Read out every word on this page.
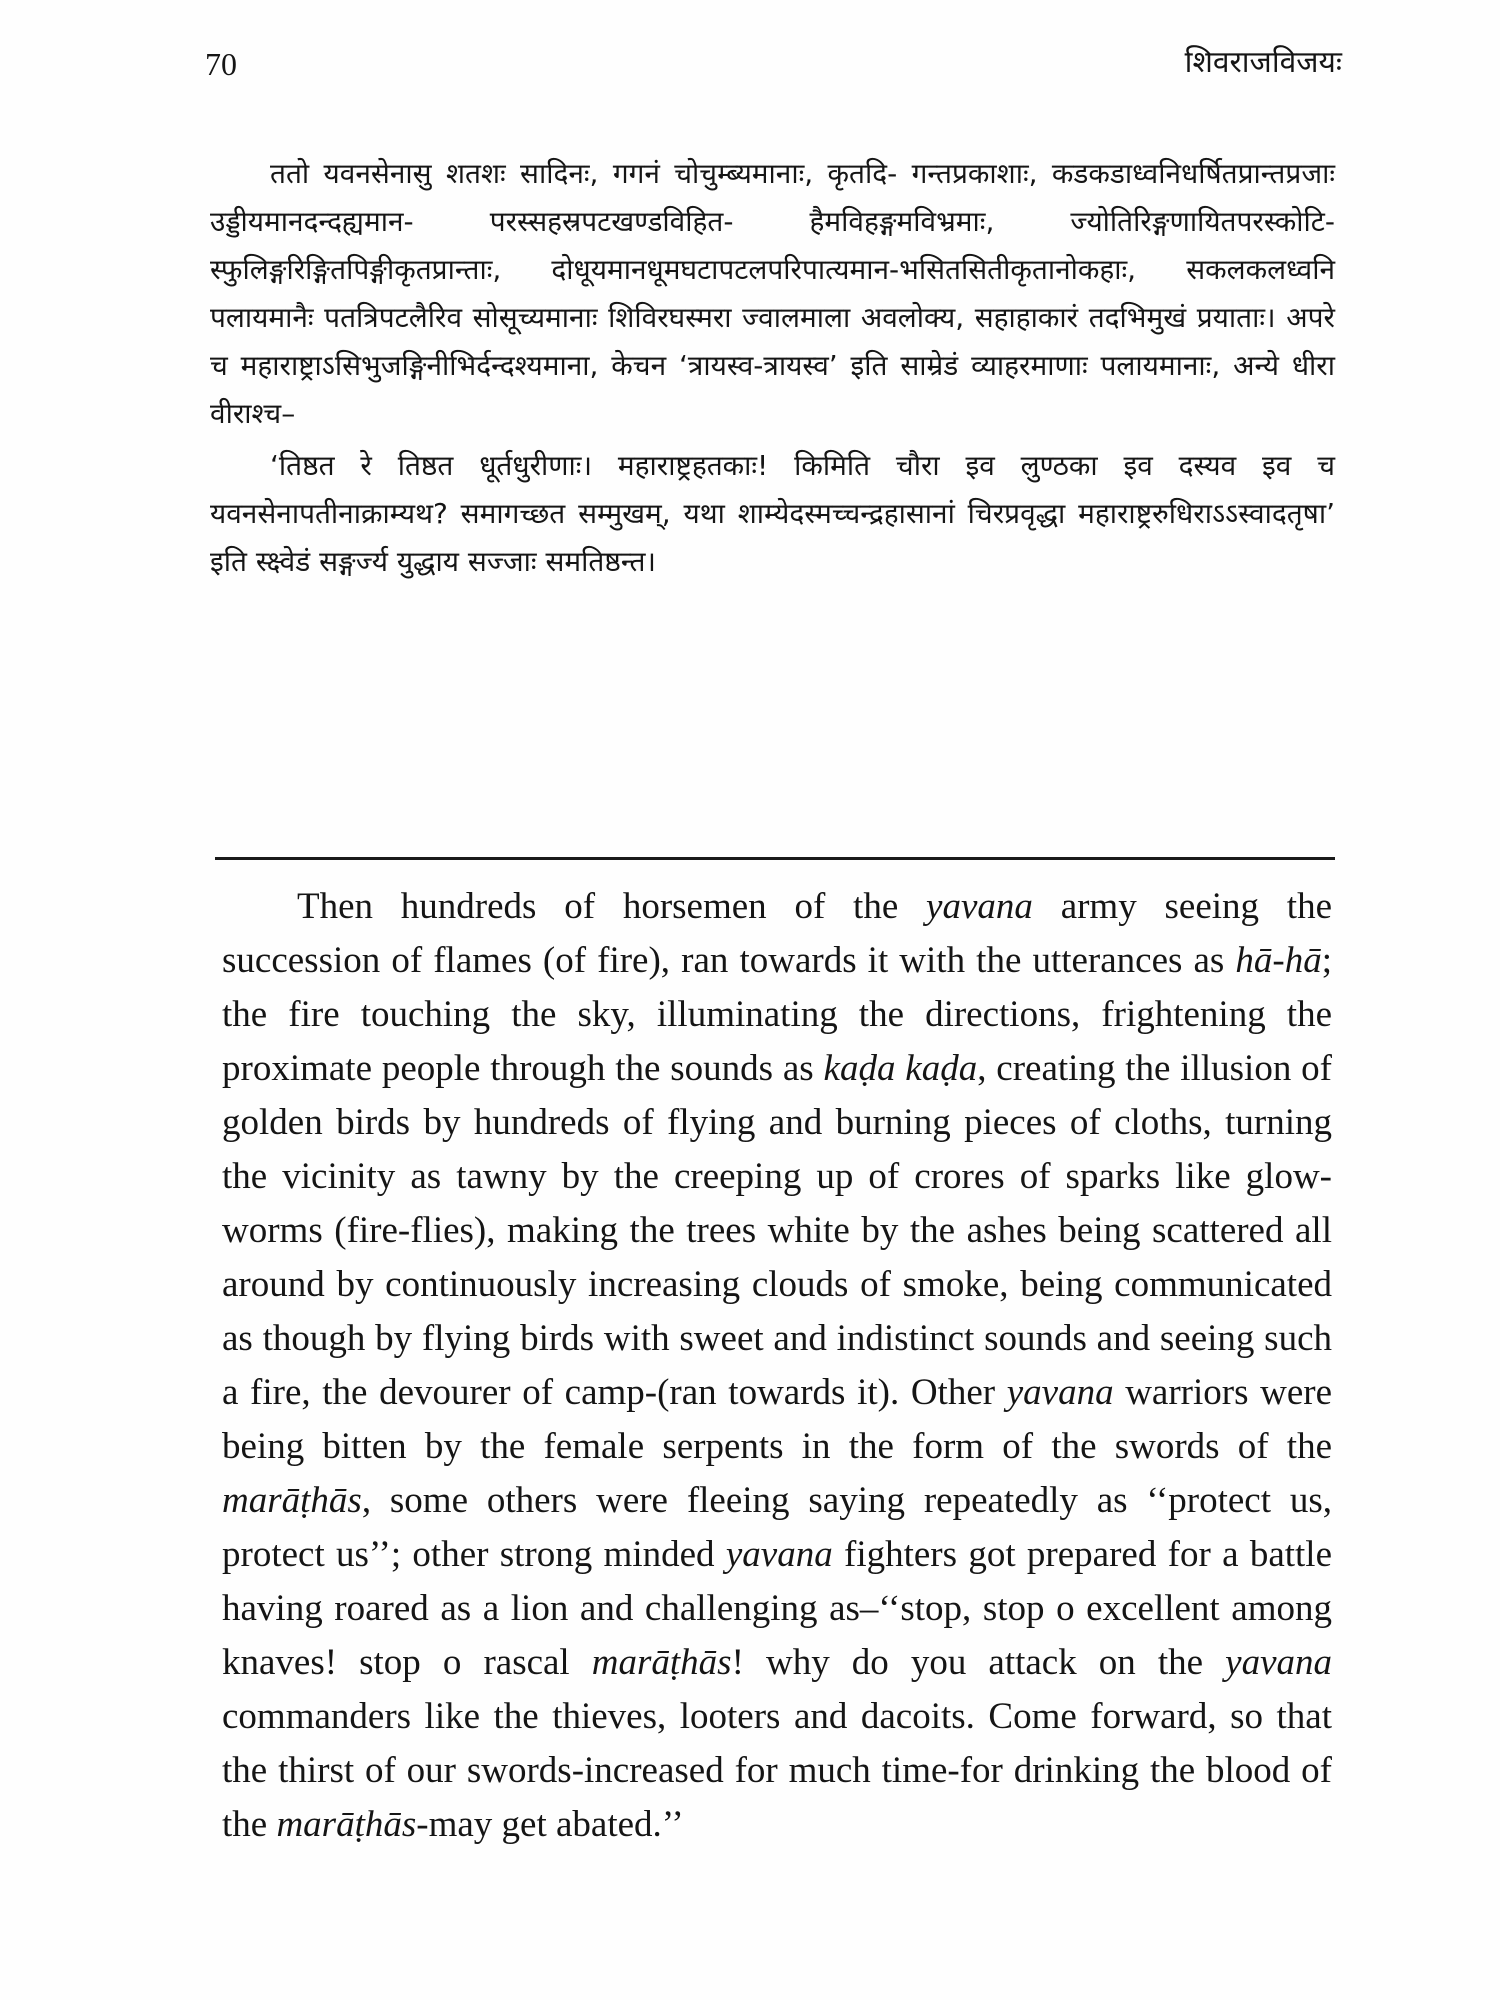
70	शिवराजविजयः

ततो यवनसेनासु शतशः सादिनः, गगनं चोचुम्ब्यमानाः, कृतदि- गन्तप्रकाशाः, कडकडाध्वनिधर्षितप्रान्तप्रजाः उड्डीयमानदन्दह्यमान- परस्सहस्रपटखण्डविहित- हैमविहङ्गमविभ्रमाः, ज्योतिरिङ्गणायितपरस्कोटि- स्फुलिङ्गरिङ्गितपिङ्गीकृतप्रान्ताः, दोधूयमानधूमघटापटलपरिपात्यमान-भसितसितीकृतानोकहाः, सकलकलध्वनि पलायमानैः पतत्रिपटलैरिव सोसूच्यमानाः शिविरघस्मरा ज्वालमाला अवलोक्य, सहाहाकारं तदभिमुखं प्रयाताः। अपरे च महाराष्ट्राऽसिभुजङ्गिनीभिर्दन्दश्यमाना, केचन ‘त्रायस्व-त्रायस्व’ इति साम्रेडं व्याहरमाणाः पलायमानाः, अन्ये धीरा वीराश्च–

‘तिष्ठत रे तिष्ठत धूर्तधुरीणाः। महाराष्ट्रहतकाः! किमिति चौरा इव लुण्ठका इव दस्यव इव च यवनसेनापतीनाक्राम्यथ? समागच्छत सम्मुखम्, यथा शाम्येदस्मच्चन्द्रहासानां चिरप्रवृद्धा महाराष्ट्ररुधिराऽऽस्वादतृषा’ इति स्क्ष्वेडं सङ्गर्ज्य युद्धाय सज्जाः समतिष्ठन्त।

Then hundreds of horsemen of the yavana army seeing the succession of flames (of fire), ran towards it with the utterances as hā-hā; the fire touching the sky, illuminating the directions, frightening the proximate people through the sounds as kaḍa kaḍa, creating the illusion of golden birds by hundreds of flying and burning pieces of cloths, turning the vicinity as tawny by the creeping up of crores of sparks like glow-worms (fire-flies), making the trees white by the ashes being scattered all around by continuously increasing clouds of smoke, being communicated as though by flying birds with sweet and indistinct sounds and seeing such a fire, the devourer of camp-(ran towards it). Other yavana warriors were being bitten by the female serpents in the form of the swords of the marāṭhās, some others were fleeing saying repeatedly as ‘‘protect us, protect us’’; other strong minded yavana fighters got prepared for a battle having roared as a lion and challenging as–‘‘stop, stop o excellent among knaves! stop o rascal marāṭhās! why do you attack on the yavana commanders like the thieves, looters and dacoits. Come forward, so that the thirst of our swords-increased for much time-for drinking the blood of the marāṭhās-may get abated.’’
